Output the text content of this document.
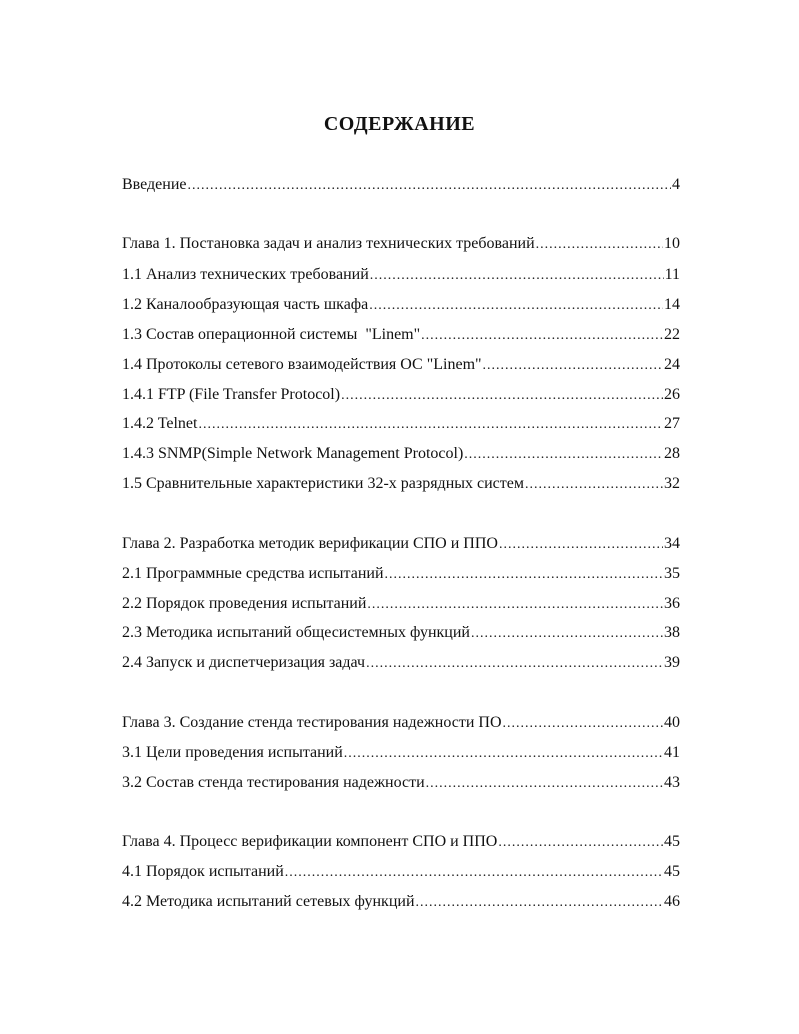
СОДЕРЖАНИЕ
Введение .....	4
Глава 1. Постановка задач и анализ технических требований .....	10
1.1 Анализ технических требований .....	11
1.2 Каналообразующая часть шкафа .....	14
1.3 Состав операционной системы  "Linem" .....	22
1.4 Протоколы сетевого взаимодействия ОС "Linem" .....	24
1.4.1 FTP (File Transfer Protocol) .....	26
1.4.2 Telnet .....	27
1.4.3 SNMP(Simple Network Management Protocol) .....	28
1.5 Сравнительные характеристики 32-х разрядных систем .....	32
Глава 2. Разработка методик верификации СПО и ППО .....	34
2.1 Программные средства испытаний .....	35
2.2 Порядок проведения испытаний .....	36
2.3 Методика испытаний общесистемных функций .....	38
2.4 Запуск и диспетчеризация задач .....	39
Глава 3. Создание стенда тестирования надежности ПО .....	40
3.1 Цели проведения испытаний .....	41
3.2 Состав стенда тестирования надежности .....	43
Глава 4. Процесс верификации компонент СПО и ППО .....	45
4.1 Порядок испытаний .....	45
4.2 Методика испытаний сетевых функций .....	46
